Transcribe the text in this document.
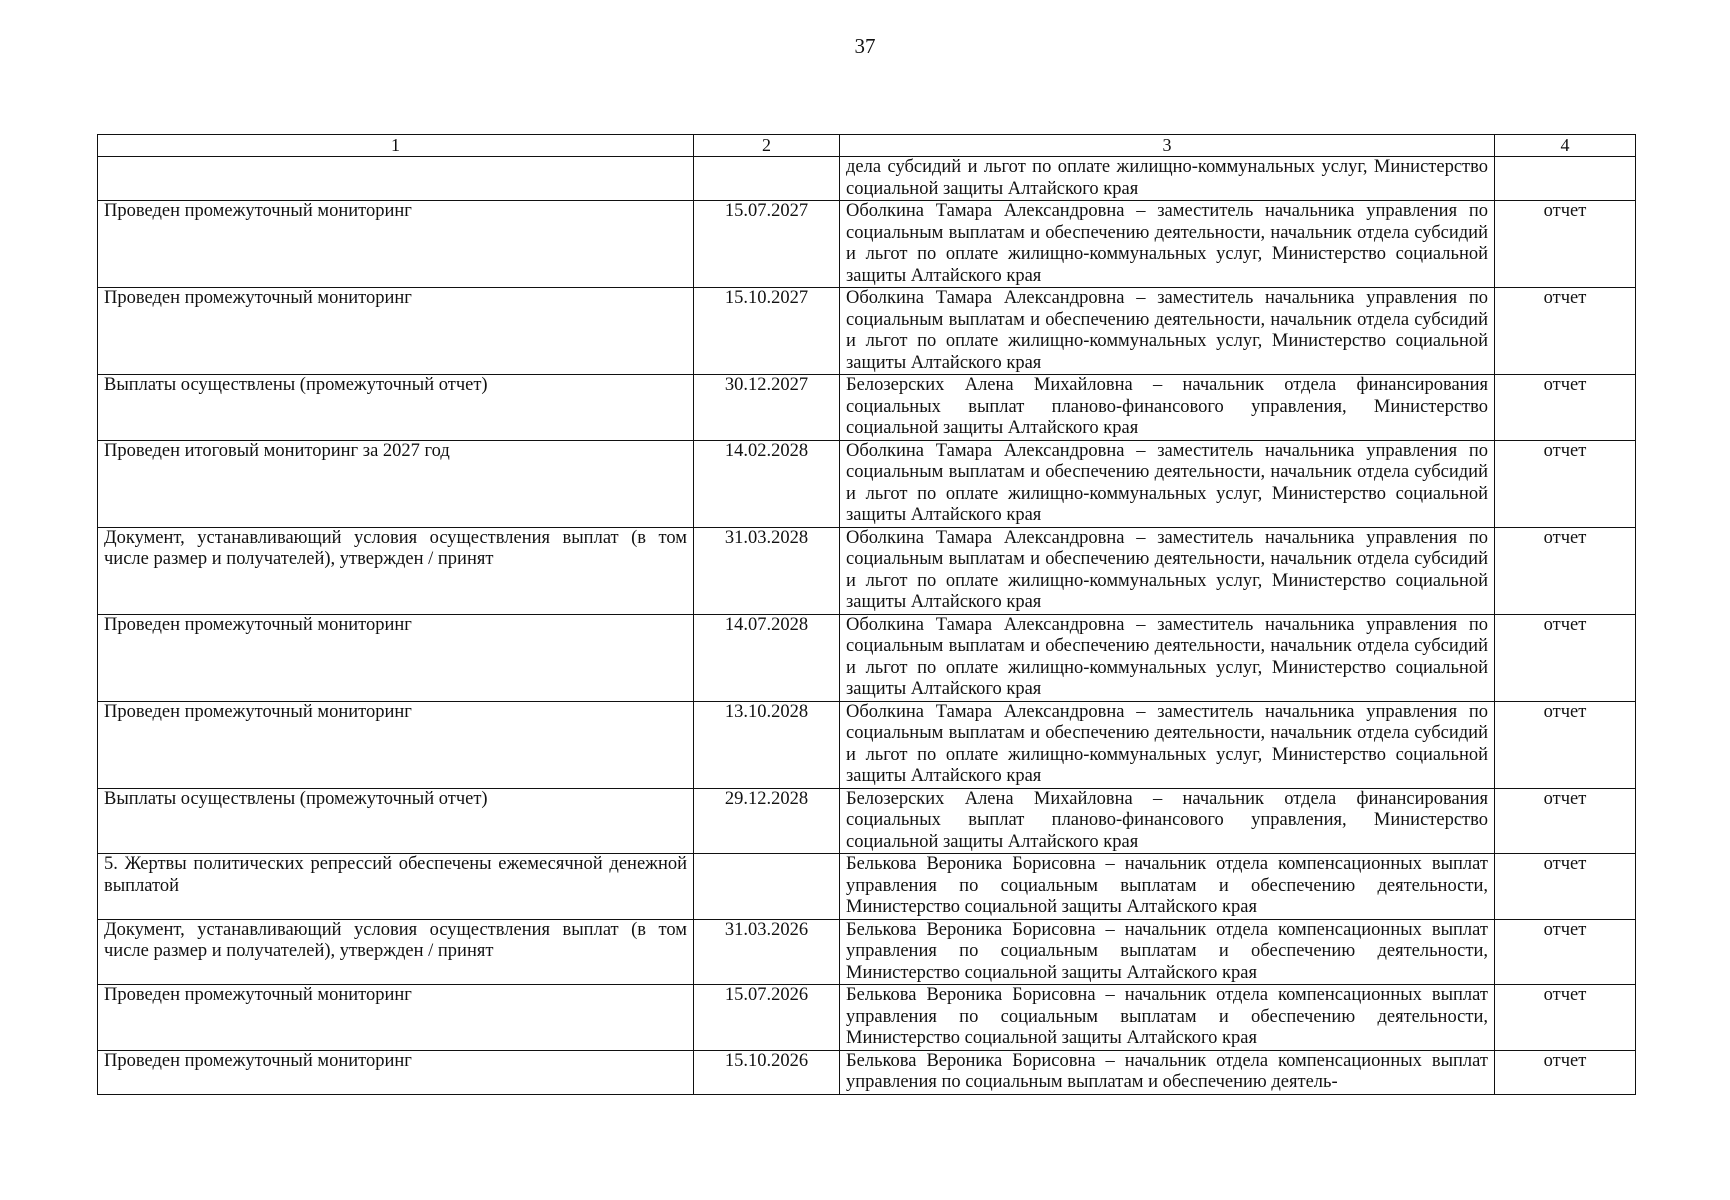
37
1	2	3	4
		дела субсидий и льгот по оплате жилищно-коммунальных услуг, Министерство социальной защиты Алтайского края	
Проведен промежуточный мониторинг	15.07.2027	Оболкина Тамара Александровна – заместитель начальника управления по социальным выплатам и обеспечению деятельности, начальник отдела субсидий и льгот по оплате жилищно-коммунальных услуг, Министерство социальной защиты Алтайского края	отчет
Проведен промежуточный мониторинг	15.10.2027	Оболкина Тамара Александровна – заместитель начальника управления по социальным выплатам и обеспечению деятельности, начальник отдела субсидий и льгот по оплате жилищно-коммунальных услуг, Министерство социальной защиты Алтайского края	отчет
Выплаты осуществлены (промежуточный отчет)	30.12.2027	Белозерских Алена Михайловна – начальник отдела финансирования социальных выплат планово-финансового управления, Министерство социальной защиты Алтайского края	отчет
Проведен итоговый мониторинг за 2027 год	14.02.2028	Оболкина Тамара Александровна – заместитель начальника управления по социальным выплатам и обеспечению деятельности, начальник отдела субсидий и льгот по оплате жилищно-коммунальных услуг, Министерство социальной защиты Алтайского края	отчет
Документ, устанавливающий условия осуществления выплат (в том числе размер и получателей), утвержден / принят	31.03.2028	Оболкина Тамара Александровна – заместитель начальника управления по социальным выплатам и обеспечению деятельности, начальник отдела субсидий и льгот по оплате жилищно-коммунальных услуг, Министерство социальной защиты Алтайского края	отчет
Проведен промежуточный мониторинг	14.07.2028	Оболкина Тамара Александровна – заместитель начальника управления по социальным выплатам и обеспечению деятельности, начальник отдела субсидий и льгот по оплате жилищно-коммунальных услуг, Министерство социальной защиты Алтайского края	отчет
Проведен промежуточный мониторинг	13.10.2028	Оболкина Тамара Александровна – заместитель начальника управления по социальным выплатам и обеспечению деятельности, начальник отдела субсидий и льгот по оплате жилищно-коммунальных услуг, Министерство социальной защиты Алтайского края	отчет
Выплаты осуществлены (промежуточный отчет)	29.12.2028	Белозерских Алена Михайловна – начальник отдела финансирования социальных выплат планово-финансового управления, Министерство социальной защиты Алтайского края	отчет
5. Жертвы политических репрессий обеспечены ежемесячной денежной выплатой		Белькова Вероника Борисовна – начальник отдела компенсационных выплат управления по социальным выплатам и обеспечению деятельности, Министерство социальной защиты Алтайского края	отчет
Документ, устанавливающий условия осуществления выплат (в том числе размер и получателей), утвержден / принят	31.03.2026	Белькова Вероника Борисовна – начальник отдела компенсационных выплат управления по социальным выплатам и обеспечению деятельности, Министерство социальной защиты Алтайского края	отчет
Проведен промежуточный мониторинг	15.07.2026	Белькова Вероника Борисовна – начальник отдела компенсационных выплат управления по социальным выплатам и обеспечению деятельности, Министерство социальной защиты Алтайского края	отчет
Проведен промежуточный мониторинг	15.10.2026	Белькова Вероника Борисовна – начальник отдела компенсационных выплат управления по социальным выплатам и обеспечению деятель-	отчет
